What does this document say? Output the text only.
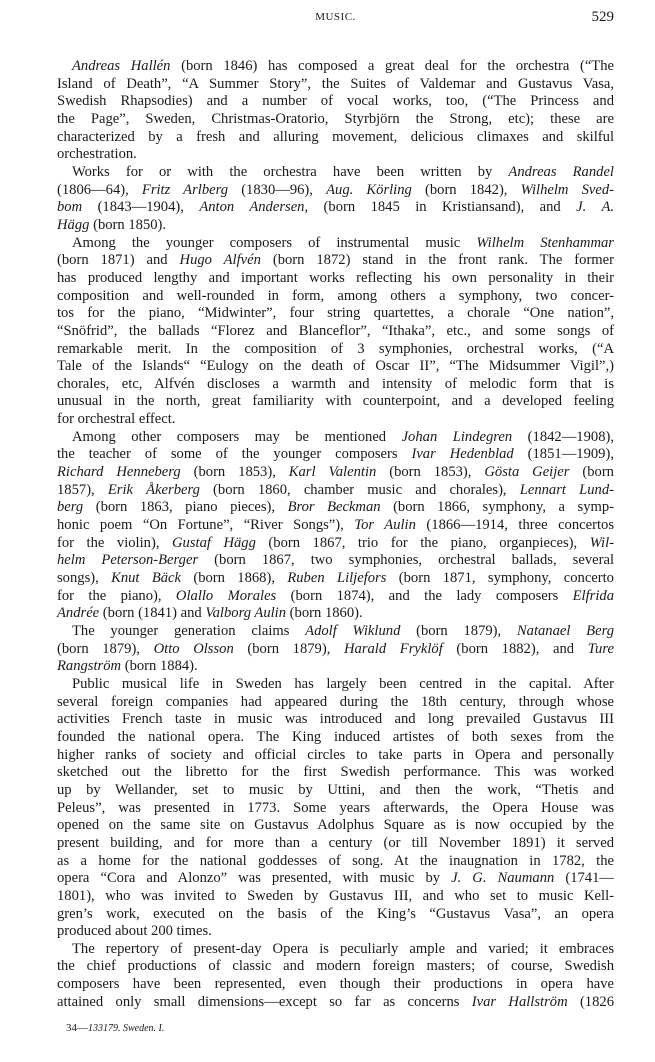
MUSIC.	529
Andreas Hallén (born 1846) has composed a great deal for the orchestra (“The
Island of Death”, “A Summer Story”, the Suites of Valdemar and Gustavus Vasa,
Swedish Rhapsodies) and a number of vocal works, too, (“The Princess and
the Page”, Sweden, Christmas-Oratorio, Styrbjörn the Strong, etc); these are
characterized by a fresh and alluring movement, delicious climaxes and skilful
orchestration.
Works for or with the orchestra have been written by Andreas Randel
(1806—64), Fritz Arlberg (1830—96), Aug. Körling (born 1842), Wilhelm Sved-
bom (1843—1904), Anton Andersen, (born 1845 in Kristiansand), and J. A.
Hägg (born 1850).
Among the younger composers of instrumental music Wilhelm Stenhammar
(born 1871) and Hugo Alfvén (born 1872) stand in the front rank. The former
has produced lengthy and important works reflecting his own personality in their
composition and well-rounded in form, among others a symphony, two concer-
tos for the piano, “Midwinter”, four string quartettes, a chorale “One nation”,
“Snöfrid”, the ballads “Florez and Blanceflor”, “Ithaka”, etc., and some songs of
remarkable merit. In the composition of 3 symphonies, orchestral works, (“A
Tale of the Islands“ “Eulogy on the death of Oscar II”, “The Midsummer Vigil”,)
chorales, etc, Alfvén discloses a warmth and intensity of melodic form that is
unusual in the north, great familiarity with counterpoint, and a developed feeling
for orchestral effect.
Among other composers may be mentioned Johan Lindegren (1842—1908),
the teacher of some of the younger composers Ivar Hedenblad (1851—1909),
Richard Henneberg (born 1853), Karl Valentin (born 1853), Gösta Geijer (born
1857), Erik Åkerberg (born 1860, chamber music and chorales), Lennart Lund-
berg (born 1863, piano pieces), Bror Beckman (born 1866, symphony, a symp-
honic poem “On Fortune”, “River Songs”), Tor Aulin (1866—1914, three concertos
for the violin), Gustaf Hägg (born 1867, trio for the piano, organpieces), Wil-
helm Peterson-Berger (born 1867, two symphonies, orchestral ballads, several
songs), Knut Bäck (born 1868), Ruben Liljefors (born 1871, symphony, concerto
for the piano), Olallo Morales (born 1874), and the lady composers Elfrida
Andrée (born (1841) and Valborg Aulin (born 1860).
The younger generation claims Adolf Wiklund (born 1879), Natanael Berg
(born 1879), Otto Olsson (born 1879), Harald Fryklöf (born 1882), and Ture
Rangström (born 1884).
Public musical life in Sweden has largely been centred in the capital. After
several foreign companies had appeared during the 18th century, through whose
activities French taste in music was introduced and long prevailed Gustavus III
founded the national opera. The King induced artistes of both sexes from the
higher ranks of society and official circles to take parts in Opera and personally
sketched out the libretto for the first Swedish performance. This was worked
up by Wellander, set to music by Uttini, and then the work, “Thetis and
Peleus”, was presented in 1773. Some years afterwards, the Opera House was
opened on the same site on Gustavus Adolphus Square as is now occupied by the
present building, and for more than a century (or till November 1891) it served
as a home for the national goddesses of song. At the inaugnation in 1782, the
opera “Cora and Alonzo” was presented, with music by J. G. Naumann (1741—
1801), who was invited to Sweden by Gustavus III, and who set to music Kell-
gren’s work, executed on the basis of the King’s “Gustavus Vasa”, an opera
produced about 200 times.
The repertory of present-day Opera is peculiarly ample and varied; it embraces
the chief productions of classic and modern foreign masters; of course, Swedish
composers have been represented, even though their productions in opera have
attained only small dimensions—except so far as concerns Ivar Hallström (1826
34—133179. Sweden. I.
